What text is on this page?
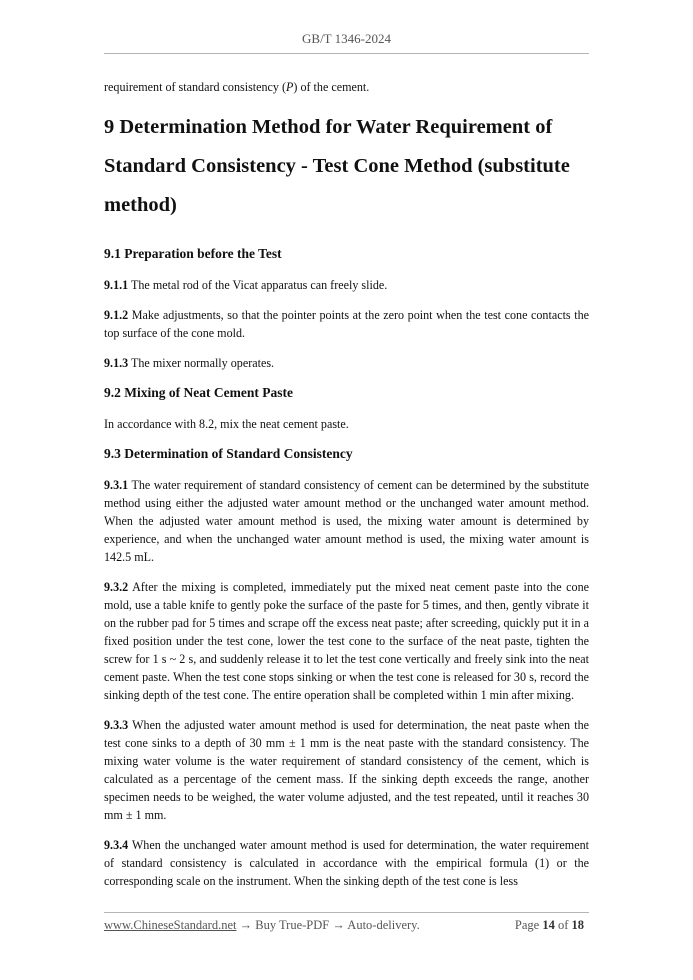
GB/T 1346-2024

requirement of standard consistency (P) of the cement.

9 Determination Method for Water Requirement of Standard Consistency - Test Cone Method (substitute method)
9.1 Preparation before the Test

9.1.1 The metal rod of the Vicat apparatus can freely slide.

9.1.2 Make adjustments, so that the pointer points at the zero point when the test cone contacts the top surface of the cone mold.

9.1.3 The mixer normally operates.

9.2 Mixing of Neat Cement Paste

In accordance with 8.2, mix the neat cement paste.

9.3 Determination of Standard Consistency

9.3.1 The water requirement of standard consistency of cement can be determined by the substitute method using either the adjusted water amount method or the unchanged water amount method. When the adjusted water amount method is used, the mixing water amount is determined by experience, and when the unchanged water amount method is used, the mixing water amount is 142.5 mL.

9.3.2 After the mixing is completed, immediately put the mixed neat cement paste into the cone mold, use a table knife to gently poke the surface of the paste for 5 times, and then, gently vibrate it on the rubber pad for 5 times and scrape off the excess neat paste; after screeding, quickly put it in a fixed position under the test cone, lower the test cone to the surface of the neat paste, tighten the screw for 1 s ~ 2 s, and suddenly release it to let the test cone vertically and freely sink into the neat cement paste. When the test cone stops sinking or when the test cone is released for 30 s, record the sinking depth of the test cone. The entire operation shall be completed within 1 min after mixing.

9.3.3 When the adjusted water amount method is used for determination, the neat paste when the test cone sinks to a depth of 30 mm ± 1 mm is the neat paste with the standard consistency. The mixing water volume is the water requirement of standard consistency of the cement, which is calculated as a percentage of the cement mass. If the sinking depth exceeds the range, another specimen needs to be weighed, the water volume adjusted, and the test repeated, until it reaches 30 mm ± 1 mm.

9.3.4 When the unchanged water amount method is used for determination, the water requirement of standard consistency is calculated in accordance with the empirical formula (1) or the corresponding scale on the instrument. When the sinking depth of the test cone is less

www.ChineseStandard.net → Buy True-PDF → Auto-delivery.	Page 14 of 18
